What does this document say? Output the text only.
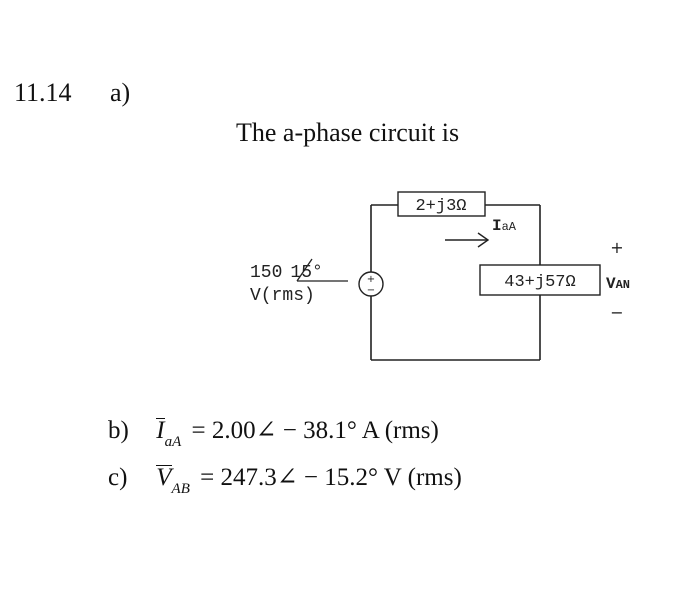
11.14 a)
The a-phase circuit is
2+j3Ω
IaA
+
−
150 15°
V(rms)
43+j57Ω
+
VAN
−
b) $I_{aA}$ = 2.00∠ − 38.1° A (rms)
c) $V_{AB}$ = 247.3∠ − 15.2° V (rms)
